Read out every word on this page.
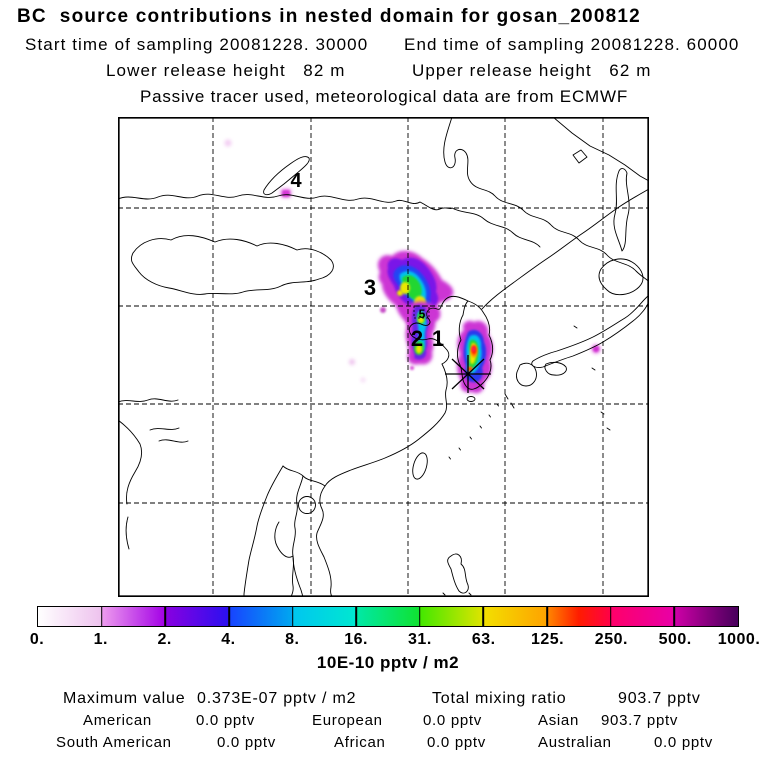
BC  source contributions in nested domain for gosan_200812
Start time of sampling 20081228. 30000 End time of sampling 20081228. 60000
Lower release height   82 m	Upper release height   62 m
Passive tracer used, meteorological data are from ECMWF
1
2
3
4
5
0.	1.	2.	4.	8.	16.	31.	63. 125. 250. 500. 1000.
10E-10 pptv / m2
Maximum value 0.373E-07 pptv / m2	Total mixing ratio	903.7 pptv
American	0.0 pptv	European	0.0 pptv	Asian 903.7 pptv
South American	0.0 pptv	African	0.0 pptv	Australian	0.0 pptv
